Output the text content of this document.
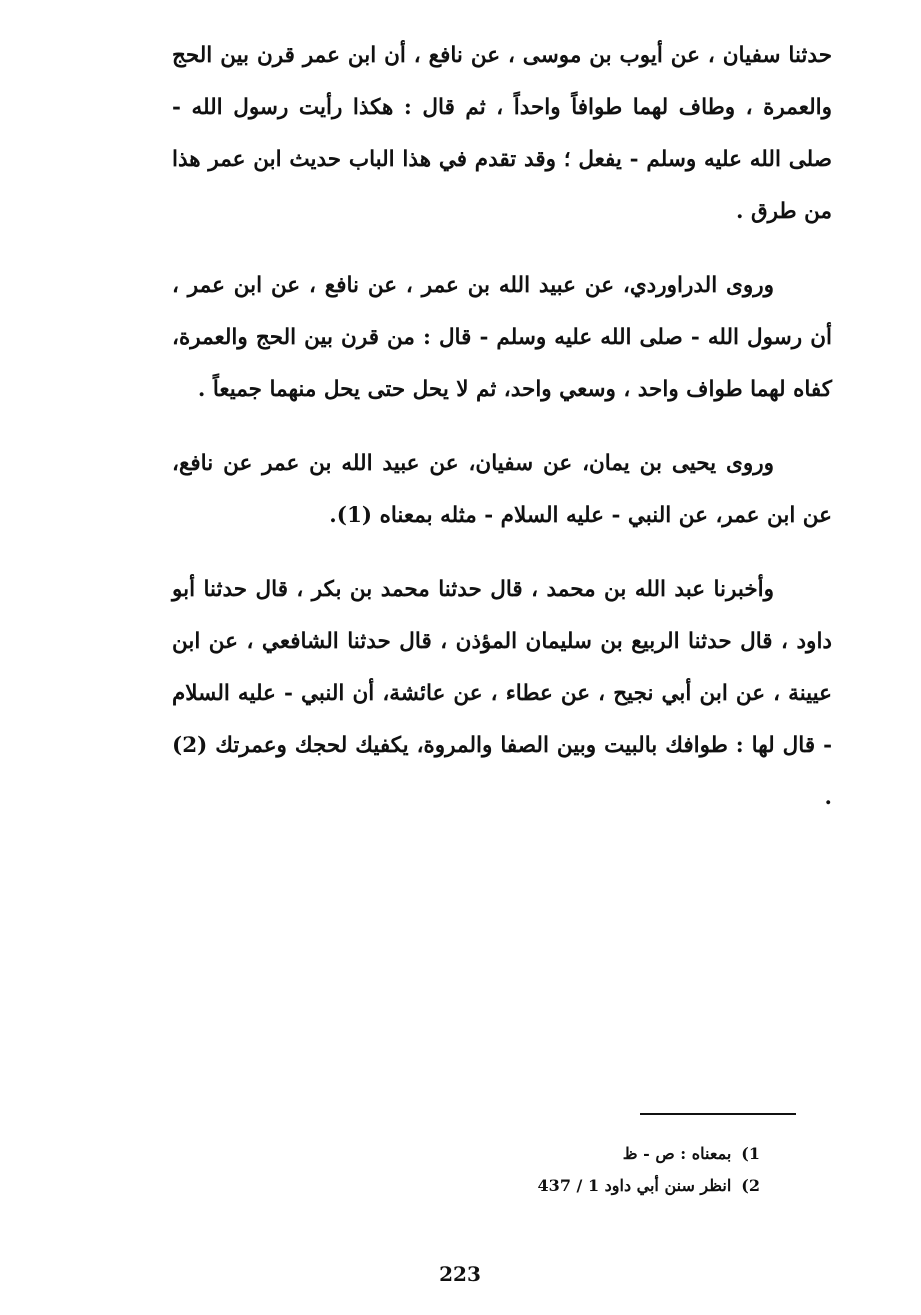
حدثنا سفيان ، عن أيوب بن موسى ، عن نافع ، أن ابن عمر قرن بين الحج والعمرة ، وطاف لهما طوافاً واحداً ، ثم قال : هكذا رأيت رسول الله - صلى الله عليه وسلم - يفعل ؛ وقد تقدم في هذا الباب حديث ابن عمر هذا من طرق .

وروى الدراوردي، عن عبيد الله بن عمر ، عن نافع ، عن ابن عمر ، أن رسول الله - صلى الله عليه وسلم - قال : من قرن بين الحج والعمرة، كفاه لهما طواف واحد ، وسعي واحد، ثم لا يحل حتى يحل منهما جميعاً .

وروى يحيى بن يمان، عن سفيان، عن عبيد الله بن عمر عن نافع، عن ابن عمر، عن النبي - عليه السلام - مثله بمعناه (1).

وأخبرنا عبد الله بن محمد ، قال حدثنا محمد بن بكر ، قال حدثنا أبو داود ، قال حدثنا الربيع بن سليمان المؤذن ، قال حدثنا الشافعي ، عن ابن عيينة ، عن ابن أبي نجيح ، عن عطاء ، عن عائشة، أن النبي - عليه السلام - قال لها : طوافك بالبيت وبين الصفا والمروة، يكفيك لحجك وعمرتك (2) .

1)بمعناه : ص - ظ

2)انظر سنن أبي داود 1 / 437

223
